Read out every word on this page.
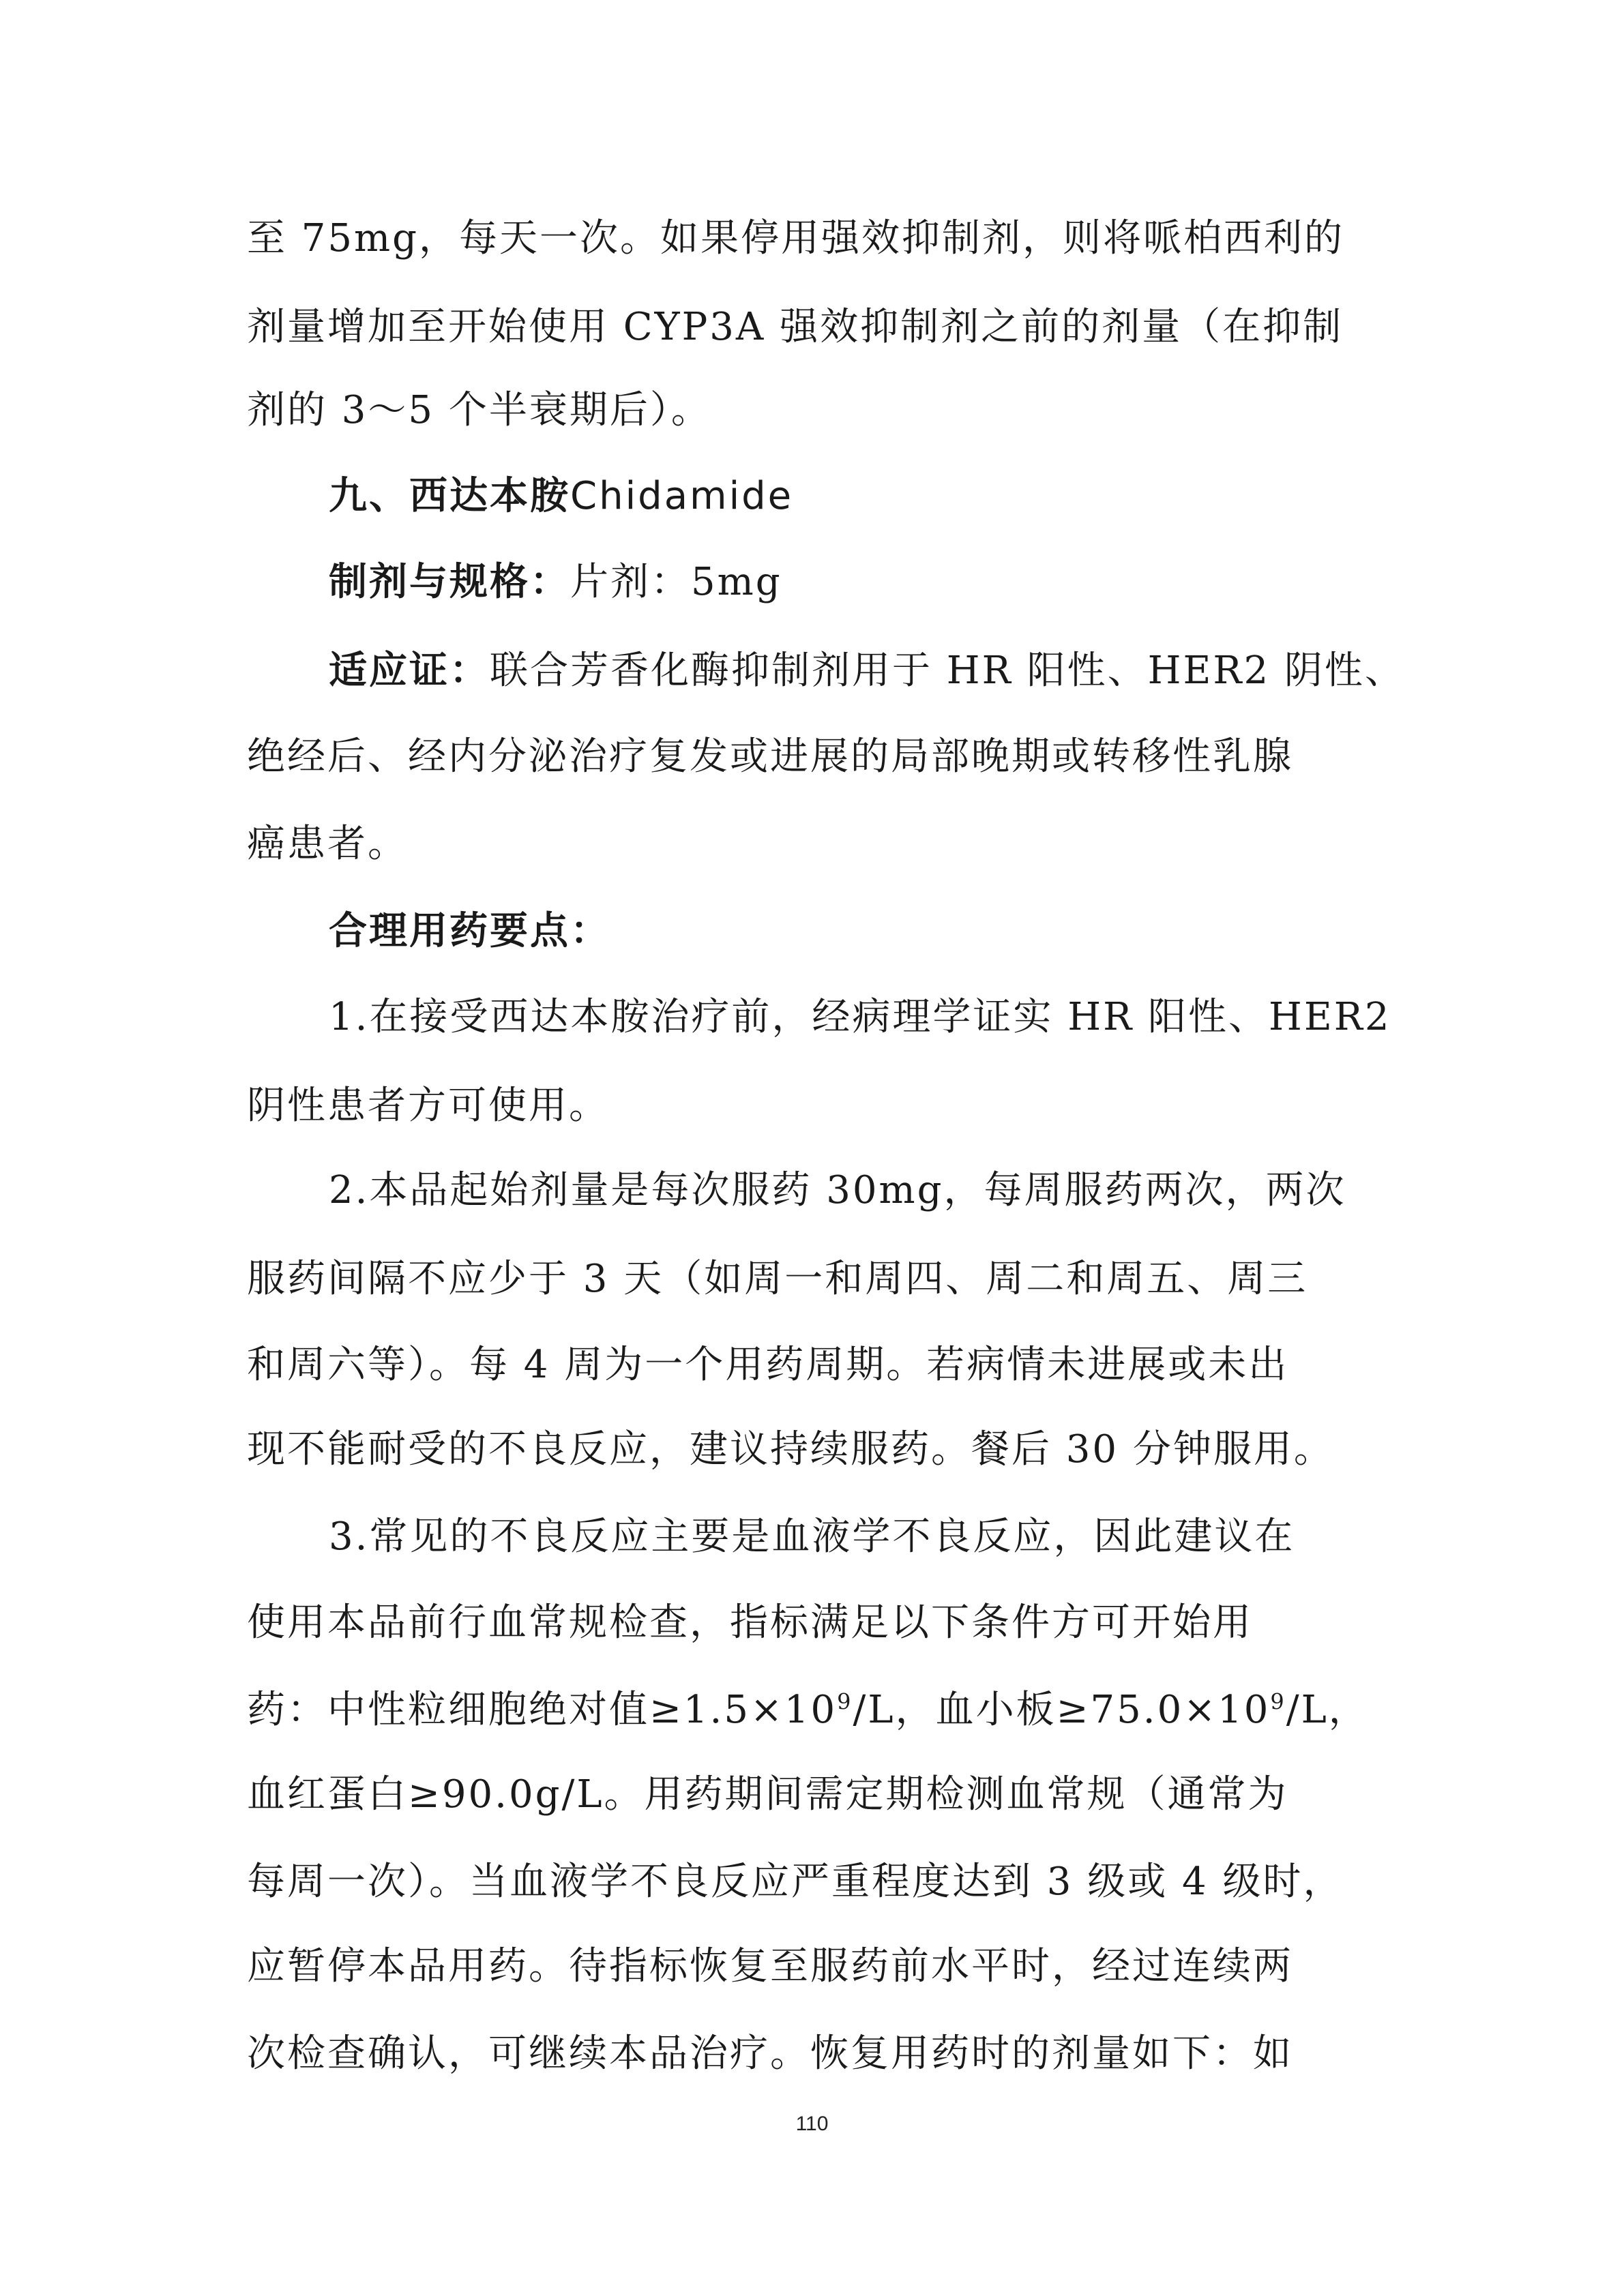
至 75mg，每天一次。如果停用强效抑制剂，则将哌柏西利的
剂量增加至开始使用 CYP3A 强效抑制剂之前的剂量（在抑制
剂的 3～5 个半衰期后）。
九、西达本胺Chidamide
制剂与规格：片剂：5mg
适应证：联合芳香化酶抑制剂用于 HR 阳性、HER2 阴性、
绝经后、经内分泌治疗复发或进展的局部晚期或转移性乳腺
癌患者。
合理用药要点：
1.在接受西达本胺治疗前，经病理学证实 HR 阳性、HER2
阴性患者方可使用。
2.本品起始剂量是每次服药 30mg，每周服药两次，两次
服药间隔不应少于 3 天（如周一和周四、周二和周五、周三
和周六等）。每 4 周为一个用药周期。若病情未进展或未出
现不能耐受的不良反应，建议持续服药。餐后 30 分钟服用。
3.常见的不良反应主要是血液学不良反应，因此建议在
使用本品前行血常规检查，指标满足以下条件方可开始用
药：中性粒细胞绝对值$\ge 1.5\times 10^9/L$，血小板$\ge 75.0\times 10^9/L$，
血红蛋白≥90.0g/L。用药期间需定期检测血常规（通常为
每周一次）。当血液学不良反应严重程度达到 3 级或 4 级时，
应暂停本品用药。待指标恢复至服药前水平时，经过连续两
次检查确认，可继续本品治疗。恢复用药时的剂量如下：如
110
